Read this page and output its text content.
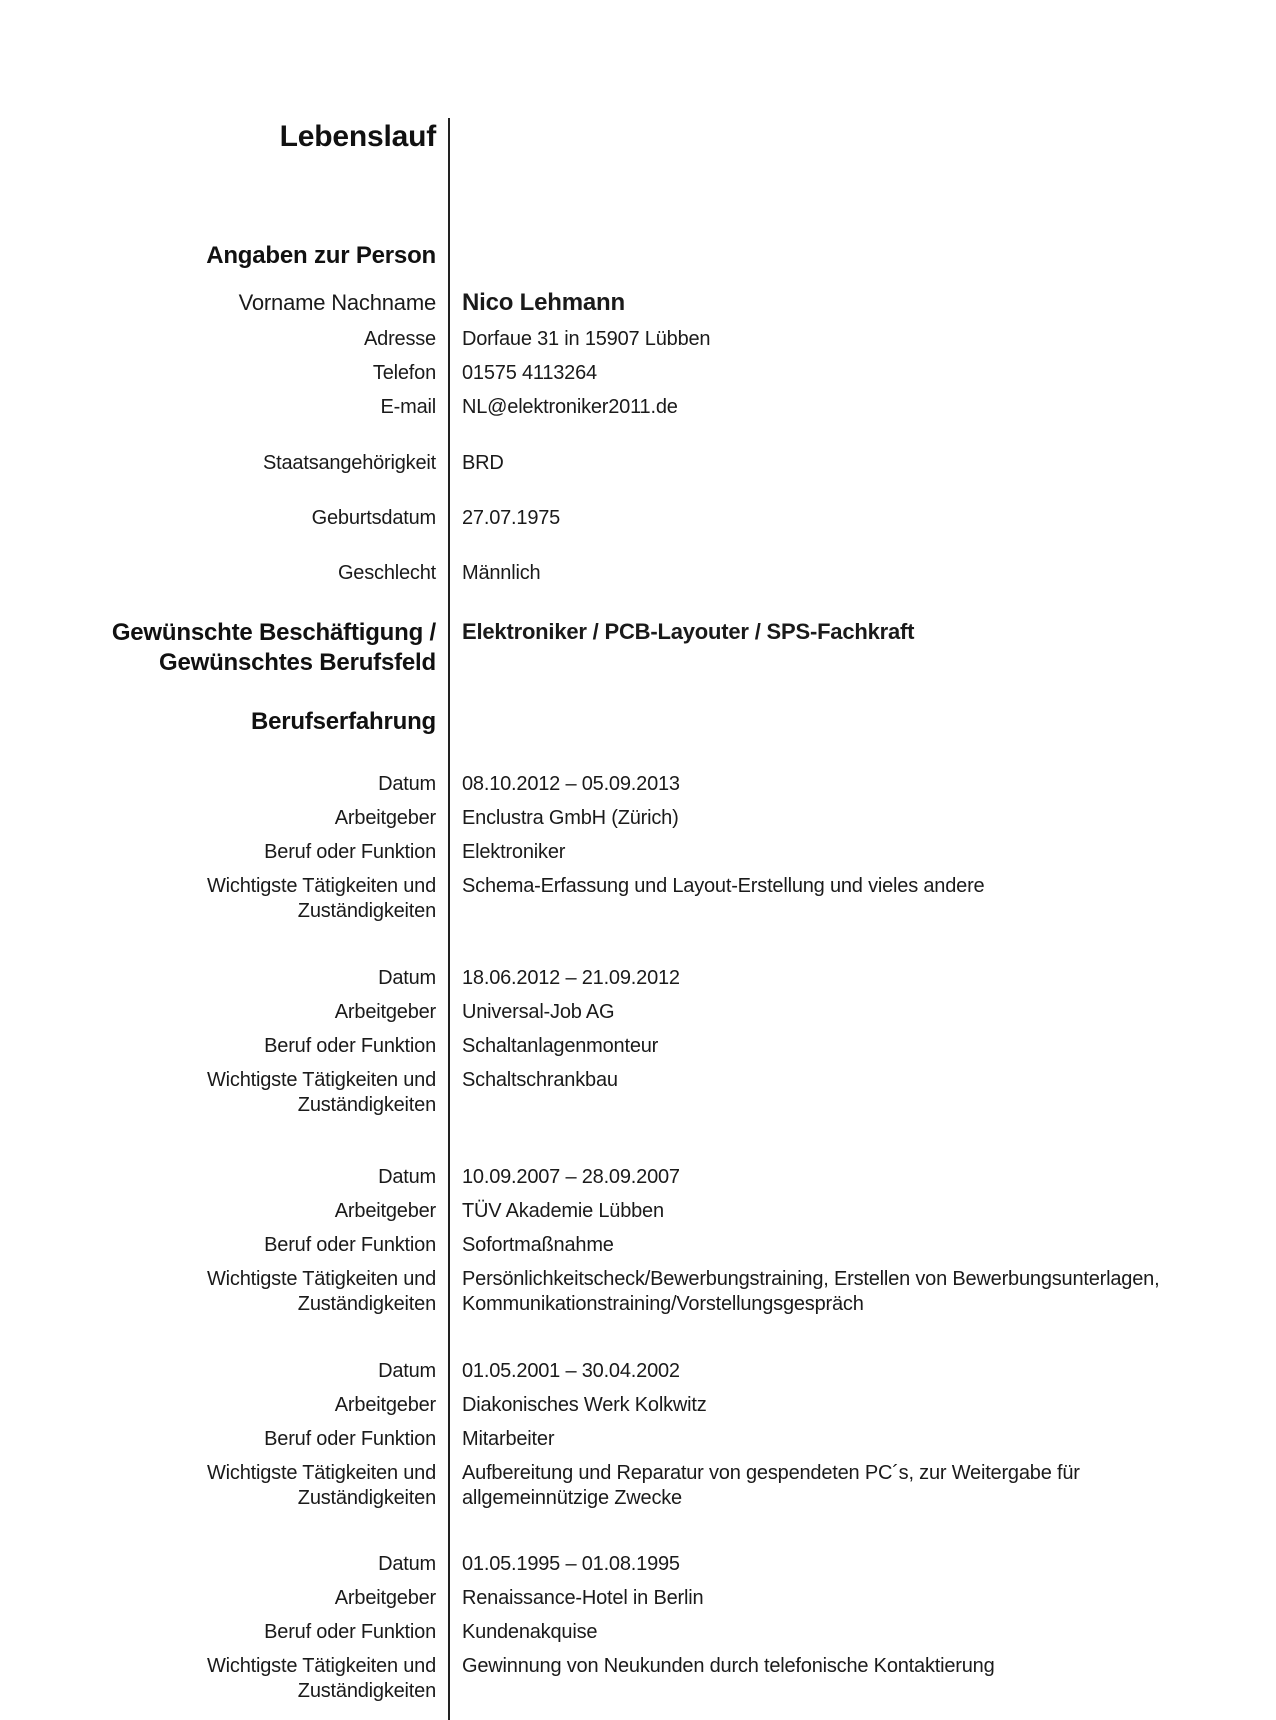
Lebenslauf
Angaben zur Person
Vorname Nachname Nico Lehmann
Adresse Dorfaue 31 in 15907 Lübben
Telefon 01575 4113264
E-mail NL@elektroniker2011.de
Staatsangehörigkeit BRD
Geburtsdatum 27.07.1975
Geschlecht Männlich
Gewünschte Beschäftigung /
Gewünschtes Berufsfeld
Elektroniker / PCB-Layouter / SPS-Fachkraft
Berufserfahrung
Datum 08.10.2012 – 05.09.2013
Arbeitgeber Enclustra GmbH (Zürich)
Beruf oder Funktion Elektroniker
Wichtigste Tätigkeiten und
Zuständigkeiten
Schema-Erfassung und Layout-Erstellung und vieles andere
Datum 18.06.2012 – 21.09.2012
Arbeitgeber Universal-Job AG
Beruf oder Funktion Schaltanlagenmonteur
Wichtigste Tätigkeiten und
Zuständigkeiten
Schaltschrankbau
Datum 10.09.2007 – 28.09.2007
Arbeitgeber TÜV Akademie Lübben
Beruf oder Funktion Sofortmaßnahme
Wichtigste Tätigkeiten und
Zuständigkeiten
Persönlichkeitscheck/Bewerbungstraining, Erstellen von Bewerbungsunterlagen, Kommunikationstraining/Vorstellungsgespräch
Datum 01.05.2001 – 30.04.2002
Arbeitgeber Diakonisches Werk Kolkwitz
Beruf oder Funktion Mitarbeiter
Wichtigste Tätigkeiten und
Zuständigkeiten
Aufbereitung und Reparatur von gespendeten PC´s, zur Weitergabe für allgemeinnützige Zwecke
Datum 01.05.1995 – 01.08.1995
Arbeitgeber Renaissance-Hotel in Berlin
Beruf oder Funktion Kundenakquise
Wichtigste Tätigkeiten und
Zuständigkeiten
Gewinnung von Neukunden durch telefonische Kontaktierung
